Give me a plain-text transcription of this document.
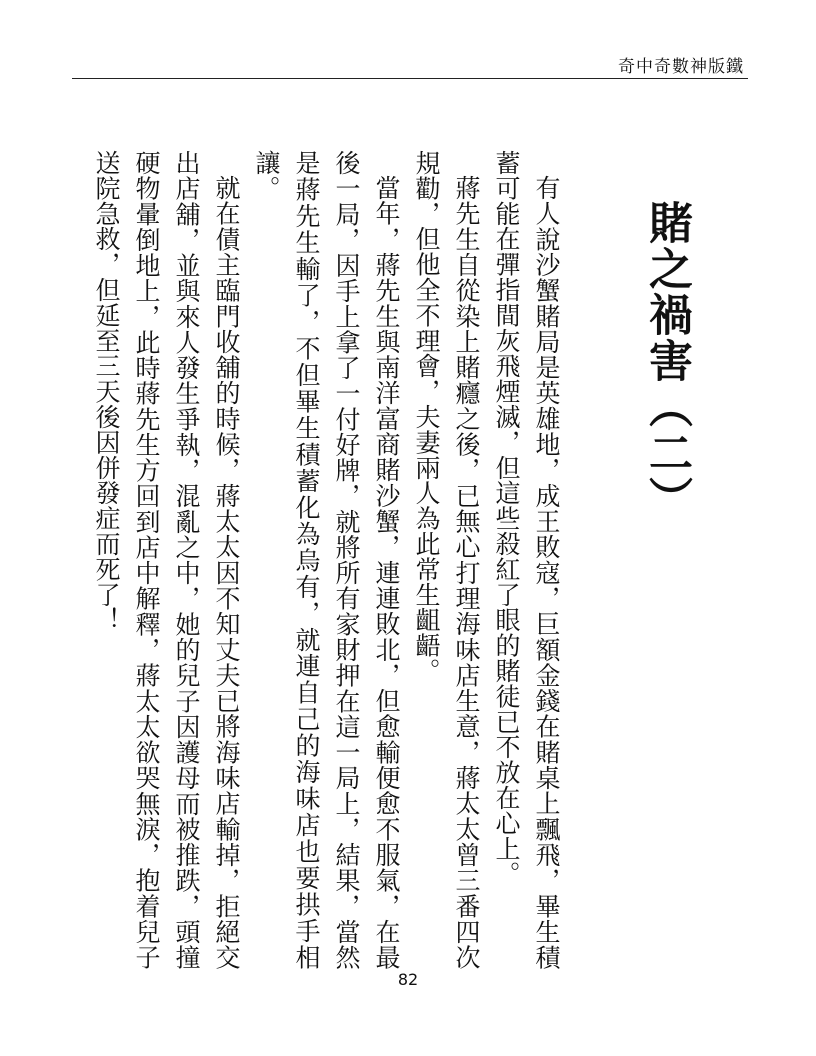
奇中奇數神版鐵
賭之禍害（二）

有人說沙蟹賭局是英雄地，成王敗寇，巨額金錢在賭桌上飄飛，畢生積蓄可能在彈指間灰飛煙滅，但這些殺紅了眼的賭徒已不放在心上。

蔣先生自從染上賭癮之後，已無心打理海味店生意，蔣太太曾三番四次規勸，但他全不理會，夫妻兩人為此常生齟齬。

當年，蔣先生與南洋富商賭沙蟹，連連敗北，但愈輸便愈不服氣，在最後一局，因手上拿了一付好牌，就將所有家財押在這一局上，結果，當然是蔣先生輸了，不但畢生積蓄化為烏有，就連自己的海味店也要拱手相讓。

就在債主臨門收舖的時候，蔣太太因不知丈夫已將海味店輸掉，拒絕交出店舖，並與來人發生爭執，混亂之中，她的兒子因護母而被推跌，頭撞硬物暈倒地上，此時蔣先生方回到店中解釋，蔣太太欲哭無淚，抱着兒子送院急救，但延至三天後因併發症而死了！

82
